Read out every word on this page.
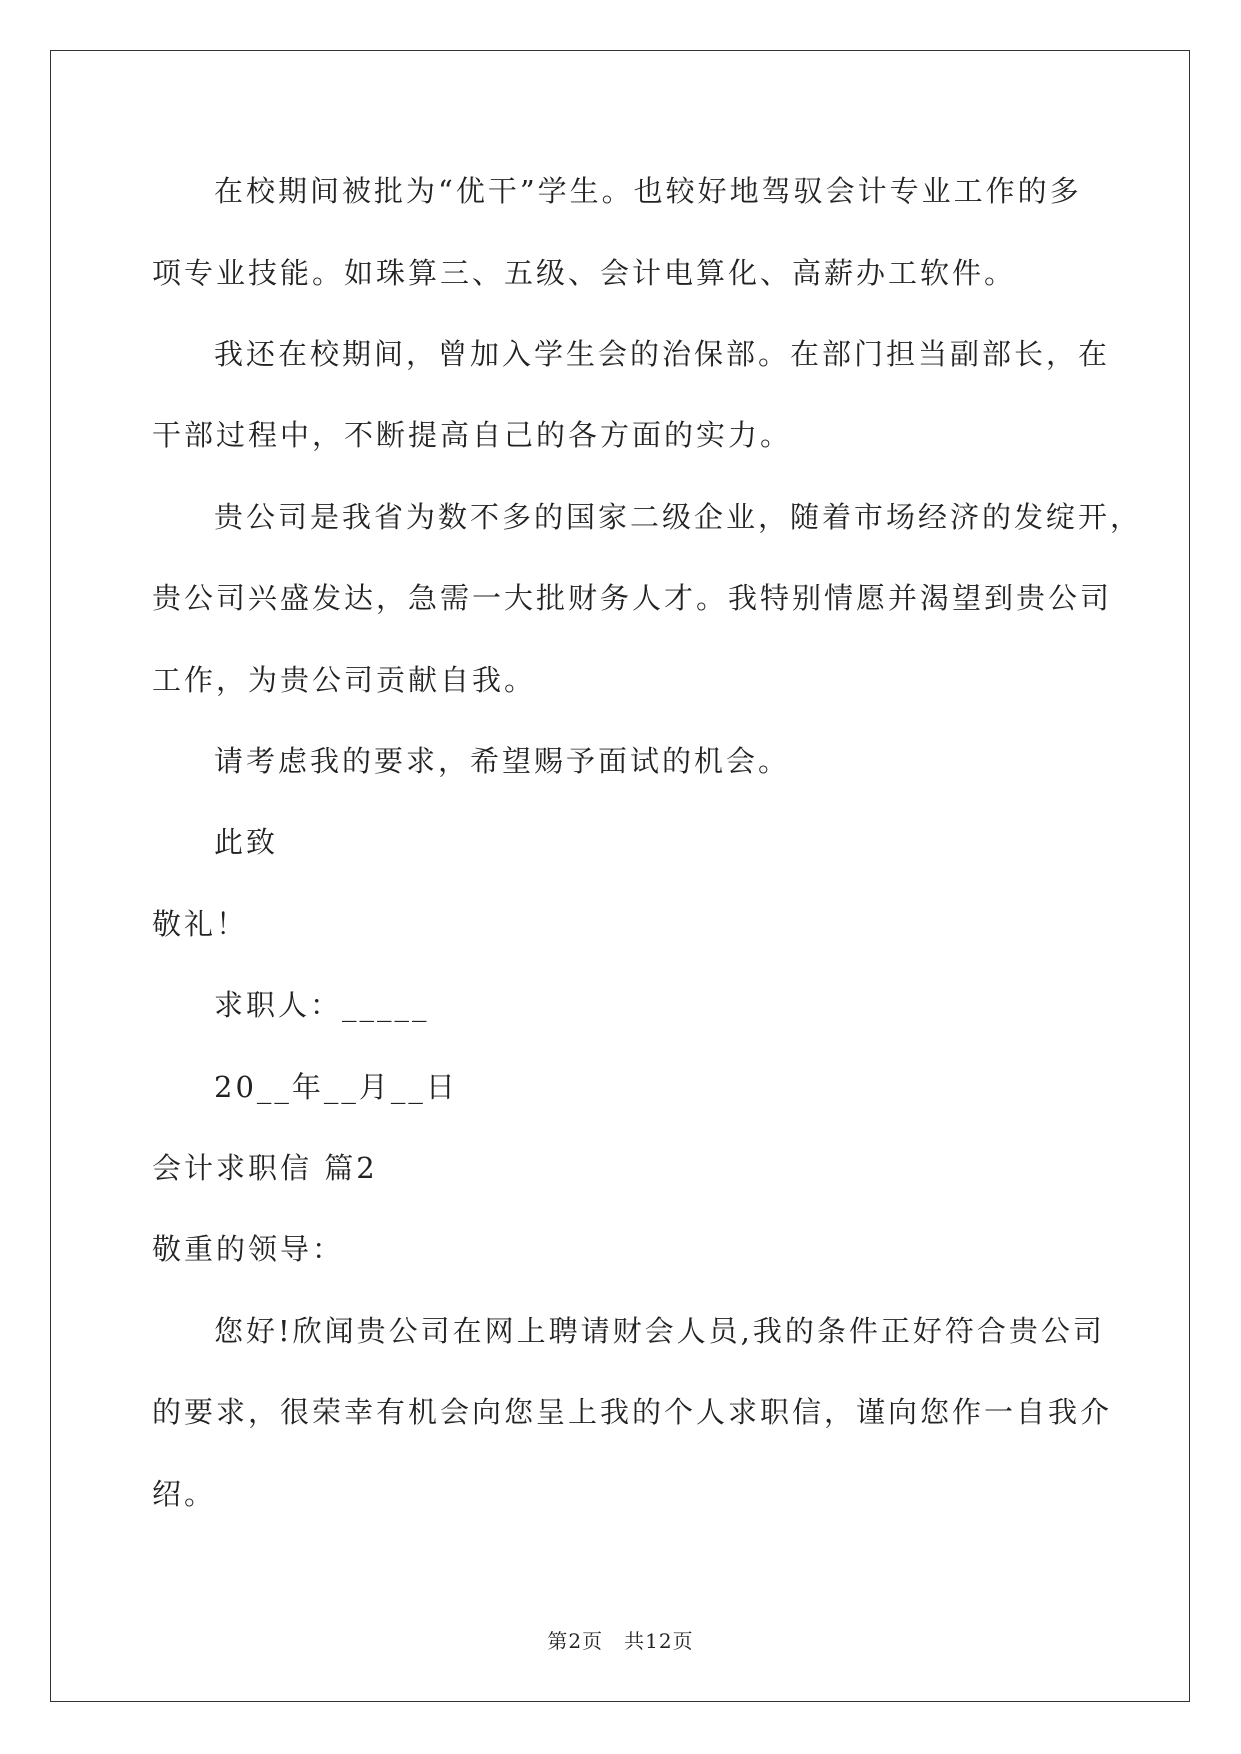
在校期间被批为“优干”学生。也较好地驾驭会计专业工作的多
项专业技能。如珠算三、五级、会计电算化、高薪办工软件。
我还在校期间，曾加入学生会的治保部。在部门担当副部长，在
干部过程中，不断提高自己的各方面的实力。
贵公司是我省为数不多的国家二级企业，随着市场经济的发绽开，
贵公司兴盛发达，急需一大批财务人才。我特别情愿并渴望到贵公司
工作，为贵公司贡献自我。
请考虑我的要求，希望赐予面试的机会。
此致
敬礼！
求职人：_____
20__年__月__日
会计求职信 篇2
敬重的领导：
您好!欣闻贵公司在网上聘请财会人员,我的条件正好符合贵公司
的要求，很荣幸有机会向您呈上我的个人求职信，谨向您作一自我介
绍。
第2页　共12页
